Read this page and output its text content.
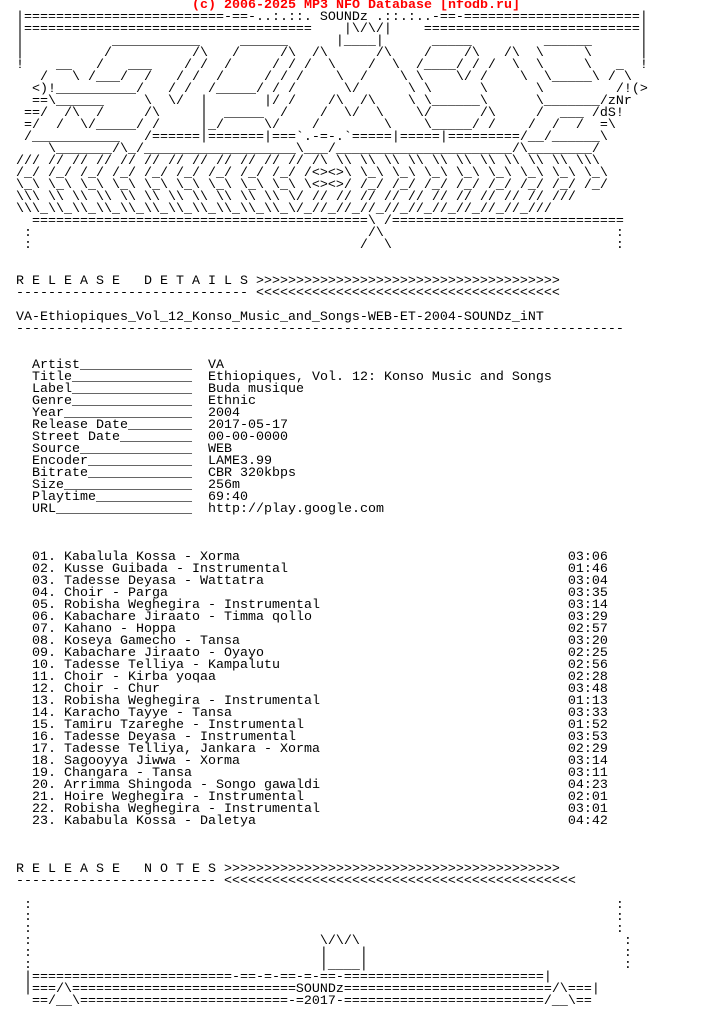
(c) 2006-2025 MP3 NFO Database [nfodb.ru]
|=========================-==-..:.::. SOUNDz .::.:..-==-======================|
|====================================    |\/\/|    ===========================|
|           ___________     ______      |____|      _____         ______      |
|          /          /\   /     /\  /\      /\    /    /\   /\  \     \      |
!    __   /   ___    / /  /     / / /  \    /  \  /____/ / /  \  \     \   _  !
/   \ /___/  /   / /  /     / / /    \  /    \ \    \/ /    \  \_____\ / \
<)!__________/   / /  /_____/ / /      \/      \ \      \      \         /!(>
==\______     \  \/  |       |/ /    /\  /\    \ \______\      \_______/zNr
==/  /\  /     /\     |  _____  /    /  \/  \    \/      /\     /  ___ /dS!
=/  /  \/_____/ /     |_/     \/    /        \    \_____/ /    /  /  /  =\
/___________   /======|=======|===`.-=-.`=====|=====|=========/__/______\
\_______/\_/___________________\___/______________________/\________/
/// // // // // // // // // // // // /\ \\ \\ \\ \\ \\ \\ \\ \\ \\ \\ \\\
/_/ /_/ /_/ /_/ /_/ /_/ /_/ /_/ /_/ /<><>\ \_\ \_\ \_\ \_\ \_\ \_\ \_\ \_\
\_\ \_\ \_\ \_\ \_\ \_\ \_\ \_\ \_\ \<><>/ /_/ /_/ /_/ /_/ /_/ /_/ /_/ /_/
\\\ \\ \\ \\ \\ \\ \\ \\ \\ \\ \\ \/ // // // // // // // // // // ///
\\\_\\_\\_\\_\\_\\_\\_\\_\\_\\_\\_\/_//_//_//_//_//_//_//_//_//_///
==========================================\ /=============================
:                                          /\                             :
:                                         /  \                            :

R E L E A S E   D E T A I L S >>>>>>>>>>>>>>>>>>>>>>>>>>>>>>>>>>>>>>
----------------------------- <<<<<<<<<<<<<<<<<<<<<<<<<<<<<<<<<<<<<<

VA-Ethiopiques_Vol_12_Konso_Music_and_Songs-WEB-ET-2004-SOUNDz_iNT
----------------------------------------------------------------------------

Artist______________ VA
Title_______________ Ethiopiques, Vol. 12: Konso Music and Songs
Label_______________ Buda musique
Genre_______________ Ethnic
Year________________ 2004
Release Date________ 2017-05-17
Street Date_________ 00-00-0000
Source______________ WEB
Encoder_____________ LAME3.99
Bitrate_____________ CBR 320kbps
Size________________ 256m
Playtime____________ 69:40
URL_________________ http://play.google.com

01. Kabalula Kossa - Xorma	03:06
02. Kusse Guibada - Instrumental	01:46
03. Tadesse Deyasa - Wattatra	03:04
04. Choir - Parga	03:35
05. Robisha Weghegira - Instrumental	03:14
06. Kabachare Jiraato - Timma qollo	03:29
07. Kahano - Hoppa	02:57
08. Koseya Gamecho - Tansa	03:20
09. Kabachare Jiraato - Oyayo	02:25
10. Tadesse Telliya - Kampalutu	02:56
11. Choir - Kirba yoqaa	02:28
12. Choir - Chur	03:48
13. Robisha Weghegira - Instrumental	01:13
14. Karacho Tayye - Tansa	03:33
15. Tamiru Tzareghe - Instrumental	01:52
16. Tadesse Deyasa - Instrumental	03:53
17. Tadesse Telliya, Jankara - Xorma	02:29
18. Sagooyya Jiwwa - Xorma	03:14
19. Changara - Tansa	03:11
20. Arrimma Shingoda - Songo gawaldi	04:23
21. Hoire Weghegira - Instrumental	02:01
22. Robisha Weghegira - Instrumental	03:01
23. Kababula Kossa - Daletya	04:42

R E L E A S E   N O T E S >>>>>>>>>>>>>>>>>>>>>>>>>>>>>>>>>>>>>>>>>>
------------------------- <<<<<<<<<<<<<<<<<<<<<<<<<<<<<<<<<<<<<<<<<<<<

:                                                                         :
:                                                                         :
:                                                                         :
:                                    \/\/\                                 :
:                                    |    |                                :
:                                    |____|                                :
|=========================-==-=-==-=-==-=========================|
|===/\============================SOUNDz==========================/\===|
==/__\==========================-=2017-=========================/__\==
